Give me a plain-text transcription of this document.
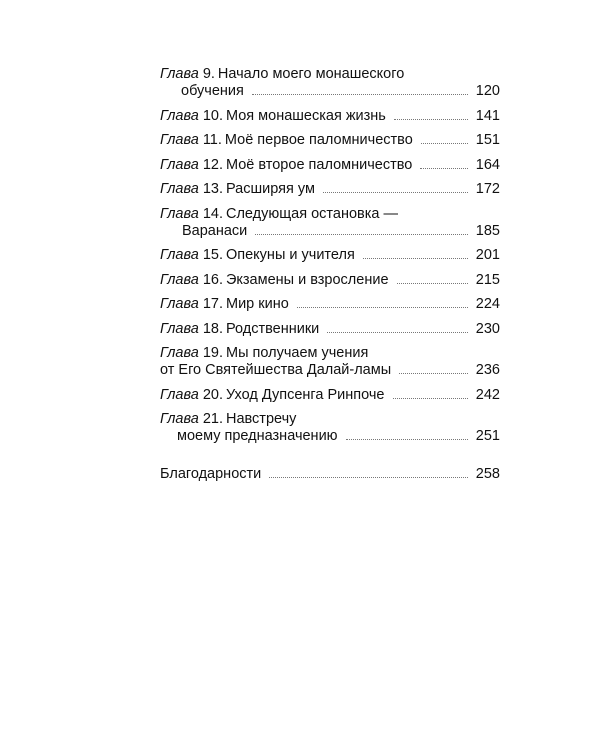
Глава 9. Начало моего монашеского
обучения	120
Глава 10. Моя монашеская жизнь	141
Глава 11. Моё первое паломничество	151
Глава 12. Моё второе паломничество	164
Глава 13. Расширяя ум	172
Глава 14. Следующая остановка —
Варанаси	185
Глава 15. Опекуны и учителя	201
Глава 16. Экзамены и взросление	215
Глава 17. Мир кино	224
Глава 18. Родственники	230
Глава 19. Мы получаем учения
от Его Святейшества Далай-ламы	236
Глава 20. Уход Дупсенга Ринпоче	242
Глава 21. Навстречу
моему предназначению	251
Благодарности	258
